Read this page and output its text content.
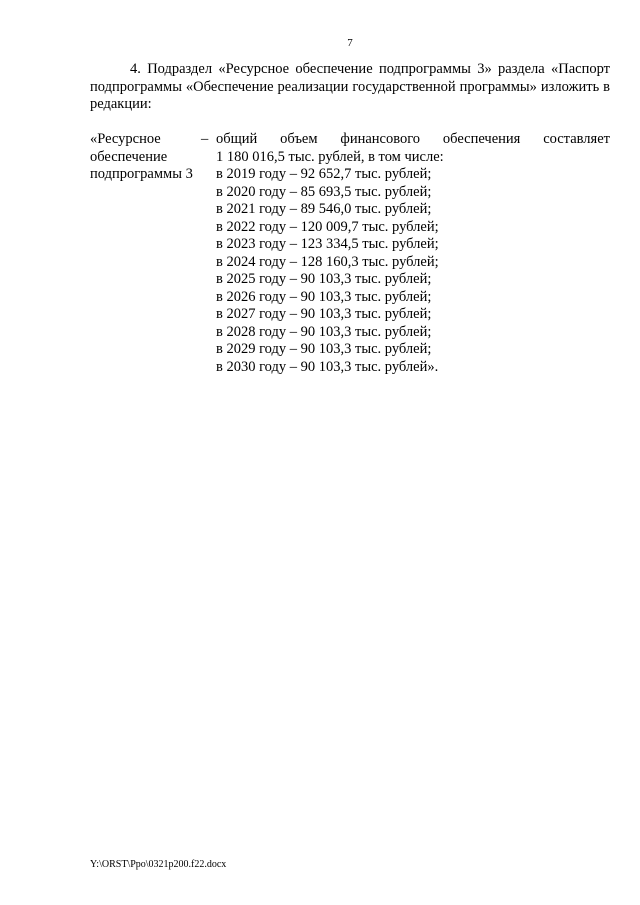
7
4. Подраздел «Ресурсное обеспечение подпрограммы 3» раздела «Паспорт подпрограммы «Обеспечение реализации государственной программы» изложить в редакции:
«Ресурсное
обеспечение
подпрограммы 3
– общий объем финансового обеспечения составляет
1 180 016,5 тыс. рублей, в том числе:
в 2019 году – 92 652,7 тыс. рублей;
в 2020 году – 85 693,5 тыс. рублей;
в 2021 году – 89 546,0 тыс. рублей;
в 2022 году – 120 009,7 тыс. рублей;
в 2023 году – 123 334,5 тыс. рублей;
в 2024 году – 128 160,3 тыс. рублей;
в 2025 году – 90 103,3 тыс. рублей;
в 2026 году – 90 103,3 тыс. рублей;
в 2027 году – 90 103,3 тыс. рублей;
в 2028 году – 90 103,3 тыс. рублей;
в 2029 году – 90 103,3 тыс. рублей;
в 2030 году – 90 103,3 тыс. рублей».
Y:\ORST\Ppo\0321p200.f22.docx
